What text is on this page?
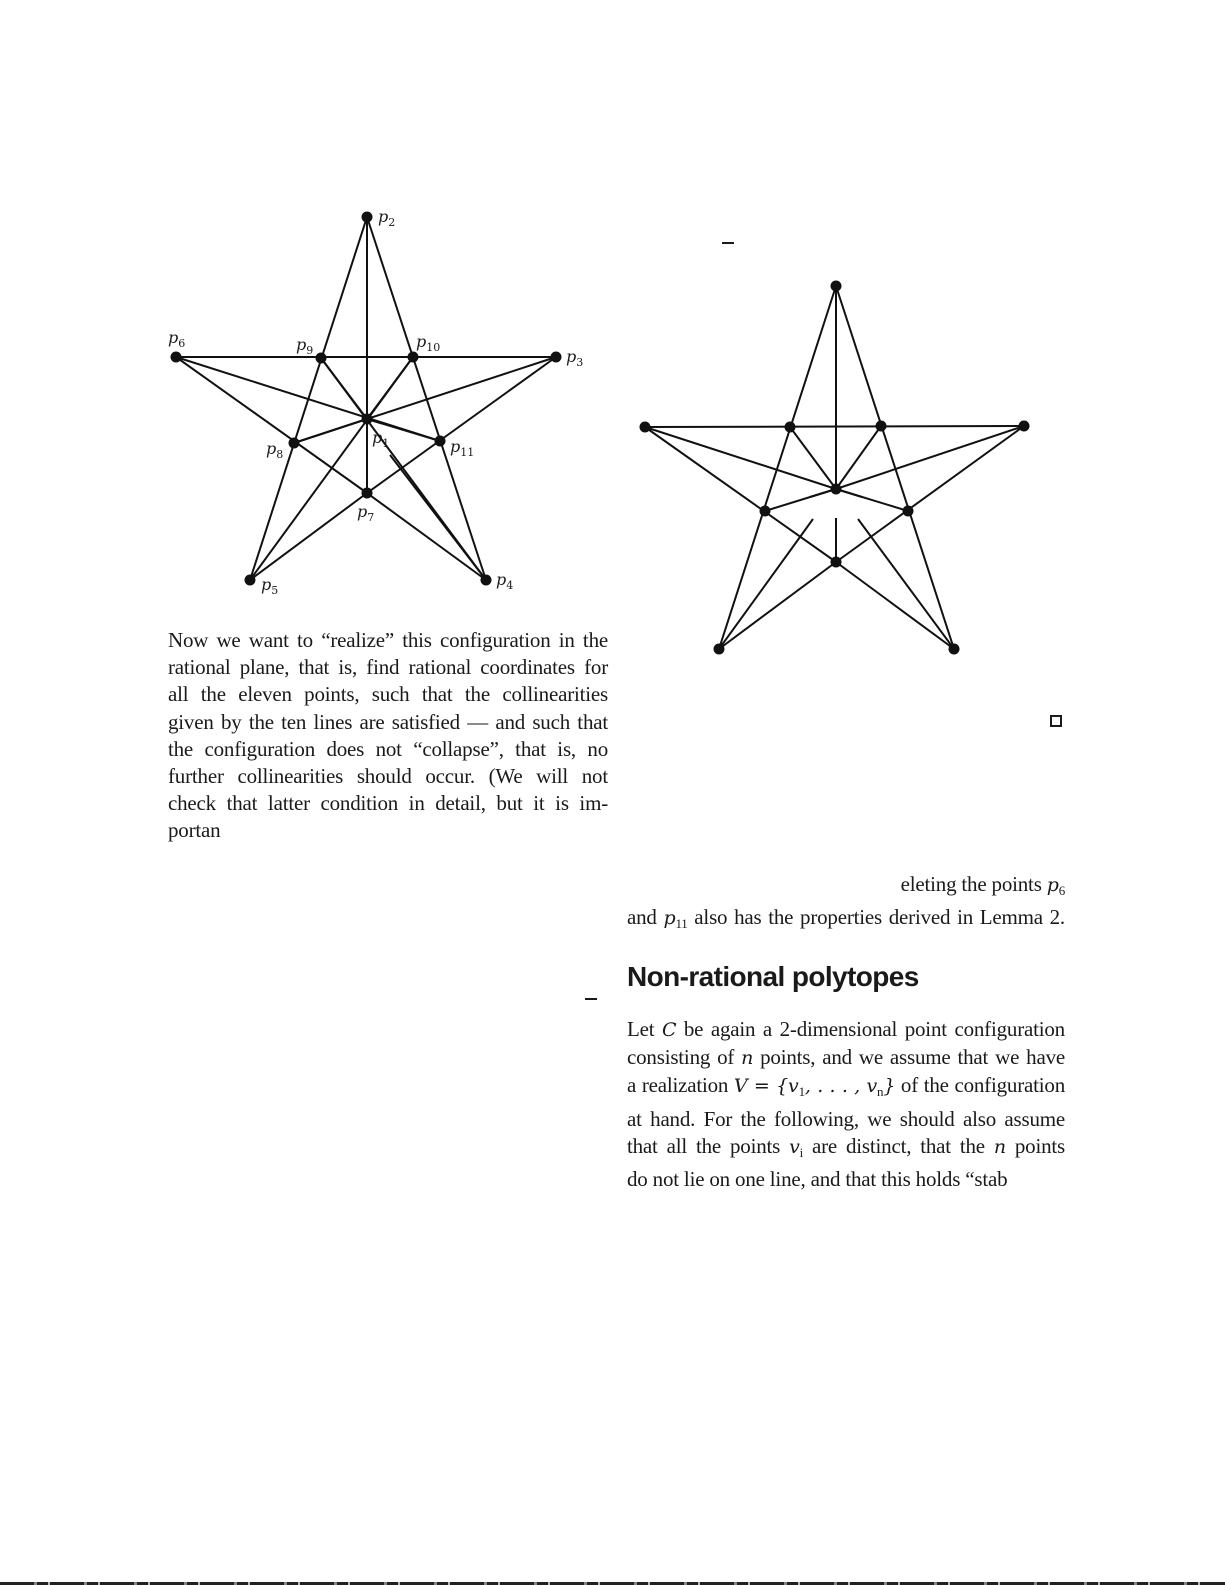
$p_1$
$p_2$
$p_3$
$p_4$
$p_5$
$p_6$
$p_7$
$p_8$
$p_9$	$p_{10}$
$p_{11}$
Now we want to “realize” this configuration in the
rational plane, that is, find rational coordinates for
all the eleven points, such that the collinearities
given by the ten lines are satisfied — and such that
the configuration does not “collapse”, that is, no
further collinearities should occur. (We will not
check that latter condition in detail, but it is im-
portan
eleting the points $p_6$
and $p_{11}$ also has the properties derived in Lemma 2.
Non-rational polytopes
Let C be again a 2-dimensional point configuration
consisting of n points, and we assume that we have
a realization $V = \{v_1$, . . . , $v_n$} of the configuration
at hand. For the following, we should also assume
that all the points $v_i$ are distinct, that the n points
do not lie on one line, and that this holds “stab
